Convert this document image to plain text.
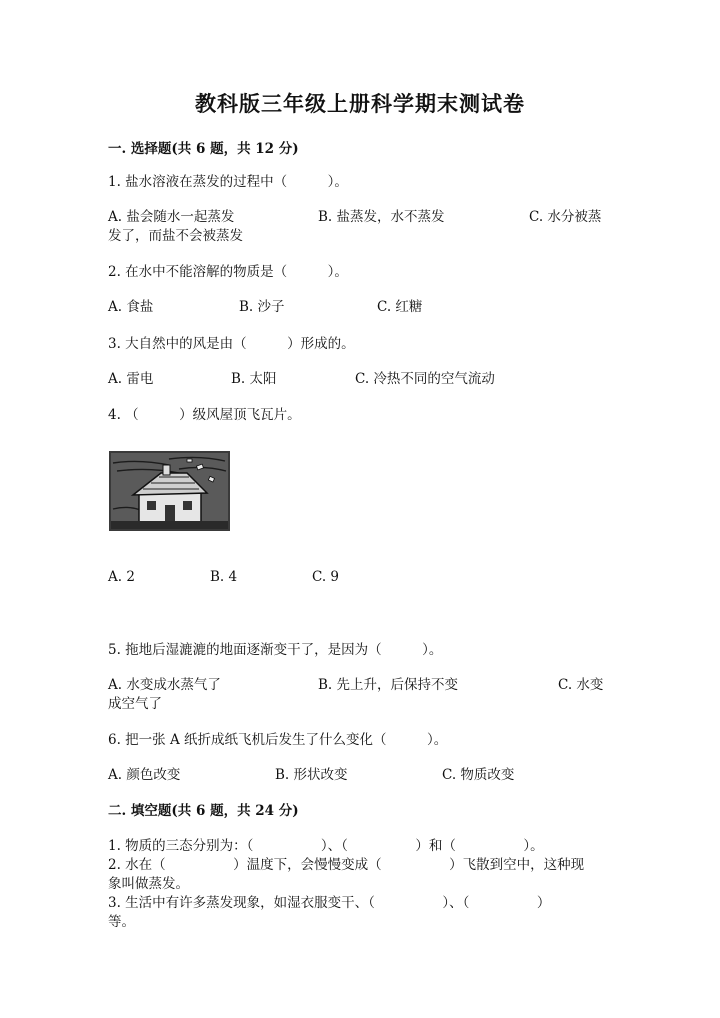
教科版三年级上册科学期末测试卷
一. 选择题(共 6 题，共 12 分)
1. 盐水溶液在蒸发的过程中（　　　）。
A. 盐会随水一起蒸发	B. 盐蒸发，水不蒸发	C. 水分被蒸
发了，而盐不会被蒸发
2. 在水中不能溶解的物质是（　　　）。
A. 食盐	B. 沙子	C. 红糖
3. 大自然中的风是由（　　　）形成的。
A. 雷电	B. 太阳	C. 冷热不同的空气流动
4. （　　　）级风屋顶飞瓦片。
A. 2	B. 4	C. 9
5. 拖地后湿漉漉的地面逐渐变干了，是因为（　　　）。
A. 水变成水蒸气了	B. 先上升，后保持不变	C. 水变
成空气了
6. 把一张 A 纸折成纸飞机后发生了什么变化（　　　）。
A. 颜色改变	B. 形状改变	C. 物质改变
二. 填空题(共 6 题，共 24 分)
1. 物质的三态分别为：（　　　　　）、（　　　　　）和（　　　　　）。
2. 水在（　　　　　）温度下，会慢慢变成（　　　　　）飞散到空中，这种现
象叫做蒸发。
3. 生活中有许多蒸发现象，如湿衣服变干、（　　　　　）、（　　　　　）
等。
